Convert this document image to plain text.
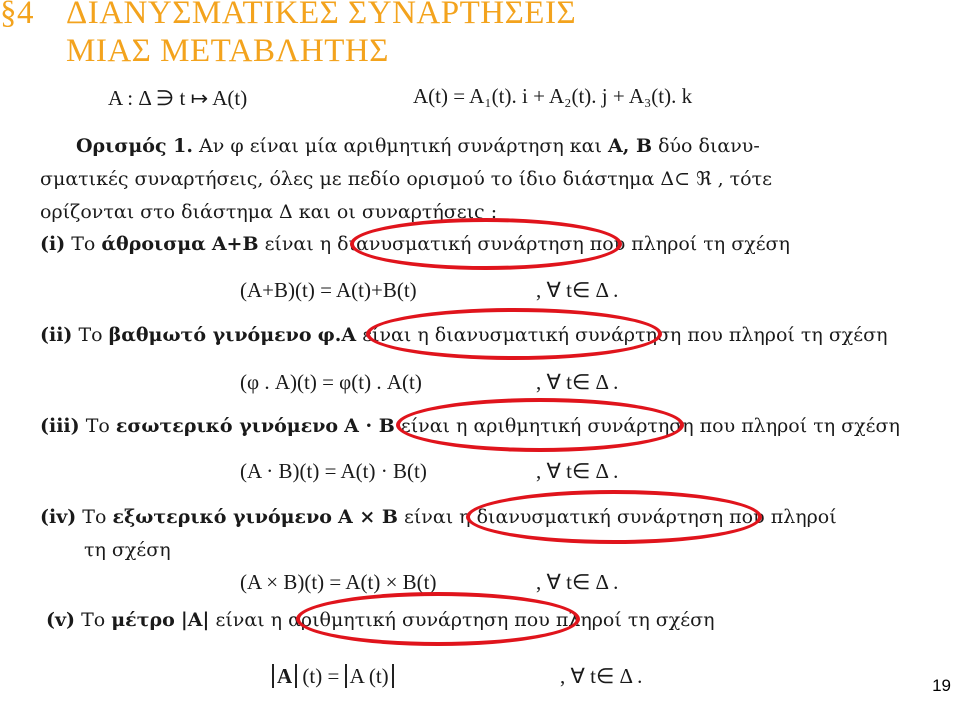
§4 ΔΙΑΝΥΣΜΑΤΙΚΕΣ ΣΥΝΑΡΤΗΣΕΙΣ
ΜΙΑΣ ΜΕΤΑΒΛΗΤΗΣ
A : Δ ∋ t ↦ A(t)	A(t) = A₁(t). i + A₂(t). j + A₃(t). k
Ορισμός 1. Αν φ είναι μία αριθμητική συνάρτηση και A, B δύο διανυ-
σματικές συναρτήσεις, όλες με πεδίο ορισμού το ίδιο διάστημα Δ⊂ ℜ , τότε
ορίζονται στο διάστημα Δ και οι συναρτήσεις :
(i) Το άθροισμα A+B είναι η διανυσματική συνάρτηση που πληροί τη σχέση
(A+B)(t) = A(t)+B(t)	, ∀ t∈ Δ .
(ii) Το βαθμωτό γινόμενο φ.A είναι η διανυσματική συνάρτηση που πληροί τη σχέση
(φ . A)(t) = φ(t) . A(t)	, ∀ t∈ Δ .
(iii) Το εσωτερικό γινόμενο A · B είναι η αριθμητική συνάρτηση που πληροί τη σχέση
(A · B)(t) = A(t) · B(t)	, ∀ t∈ Δ .
(iv) Το εξωτερικό γινόμενο A × B είναι η διανυσματική συνάρτηση που πληροί
τη σχέση
(A × B)(t) = A(t) × B(t)	, ∀ t∈ Δ .
(v) Το μέτρο |A| είναι η αριθμητική συνάρτηση που πληροί τη σχέση
A (t) = A (t)	, ∀ t∈ Δ .	19
